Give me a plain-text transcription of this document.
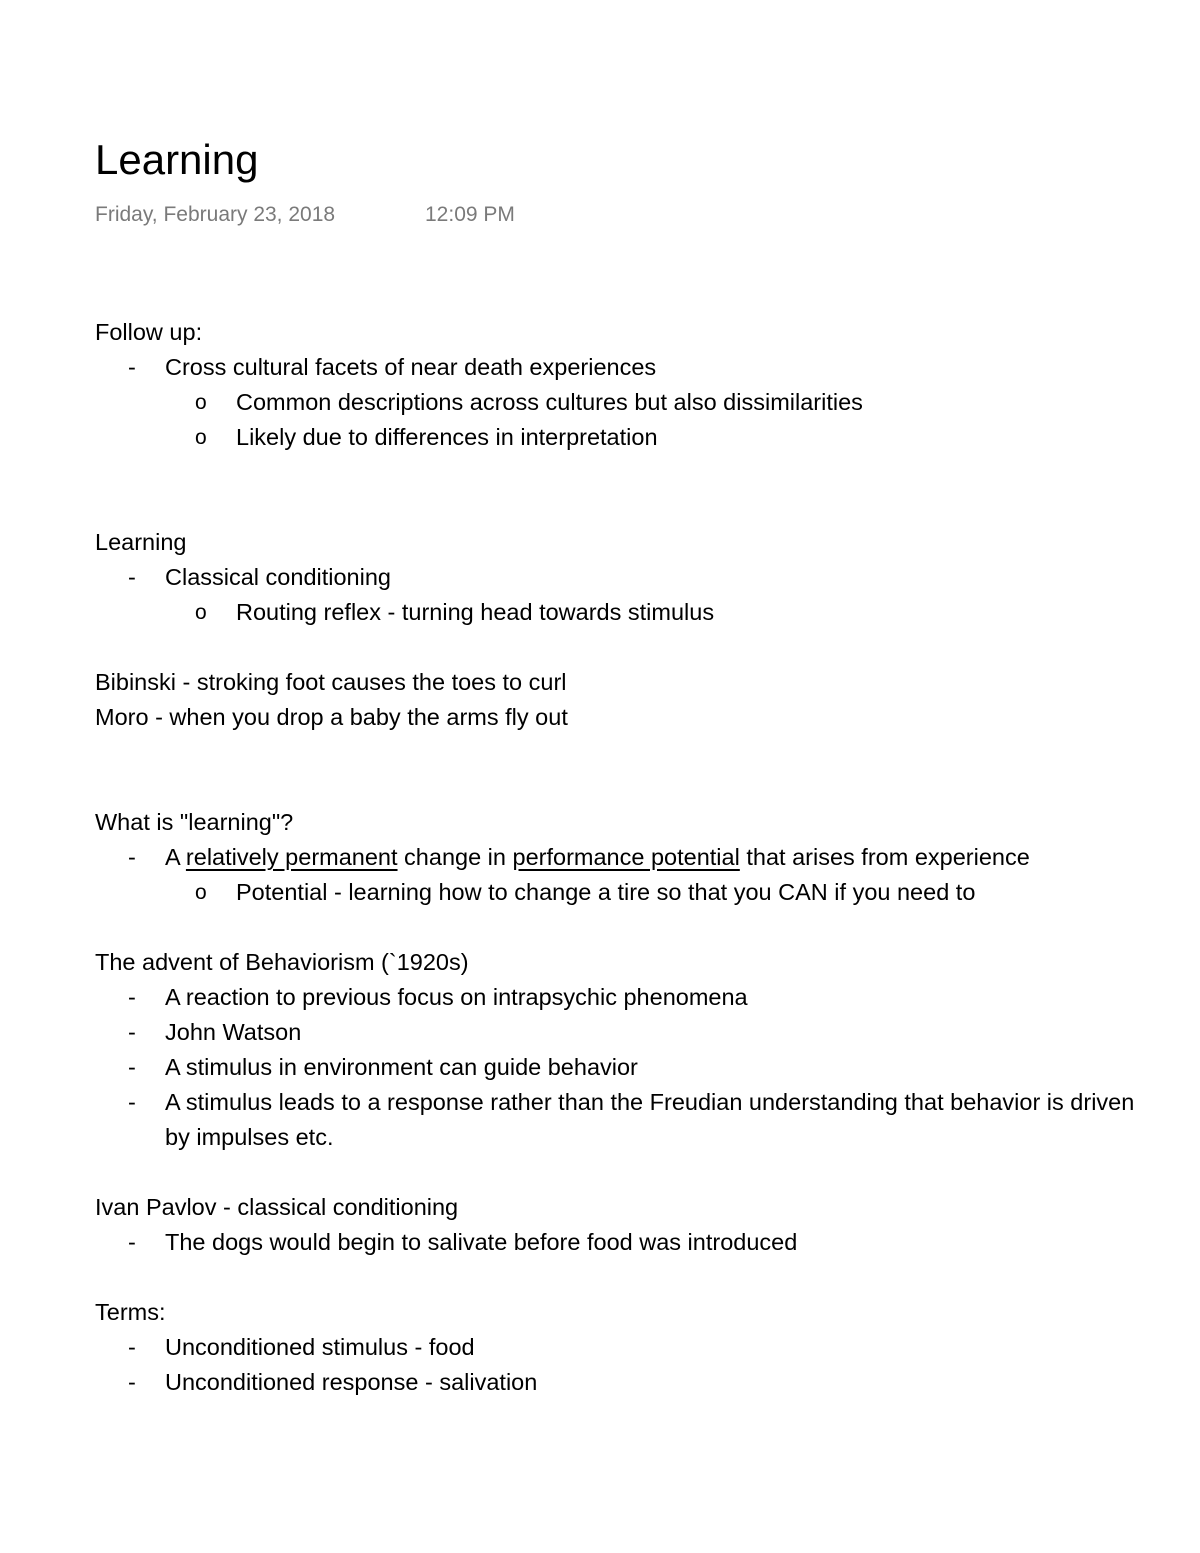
Learning
Friday, February 23, 2018	12:09 PM
Follow up:
- Cross cultural facets of near death experiences
o Common descriptions across cultures but also dissimilarities
o Likely due to differences in interpretation
Learning
- Classical conditioning
o Routing reflex - turning head towards stimulus
Bibinski - stroking foot causes the toes to curl
Moro - when you drop a baby the arms fly out
What is "learning"?
- A relatively permanent change in performance potential that arises from experience
o Potential - learning how to change a tire so that you CAN if you need to
The advent of Behaviorism (`1920s)
- A reaction to previous focus on intrapsychic phenomena
- John Watson
- A stimulus in environment can guide behavior
- A stimulus leads to a response rather than the Freudian understanding that behavior is driven by impulses etc.
Ivan Pavlov - classical conditioning
- The dogs would begin to salivate before food was introduced
Terms:
- Unconditioned stimulus - food
- Unconditioned response - salivation
